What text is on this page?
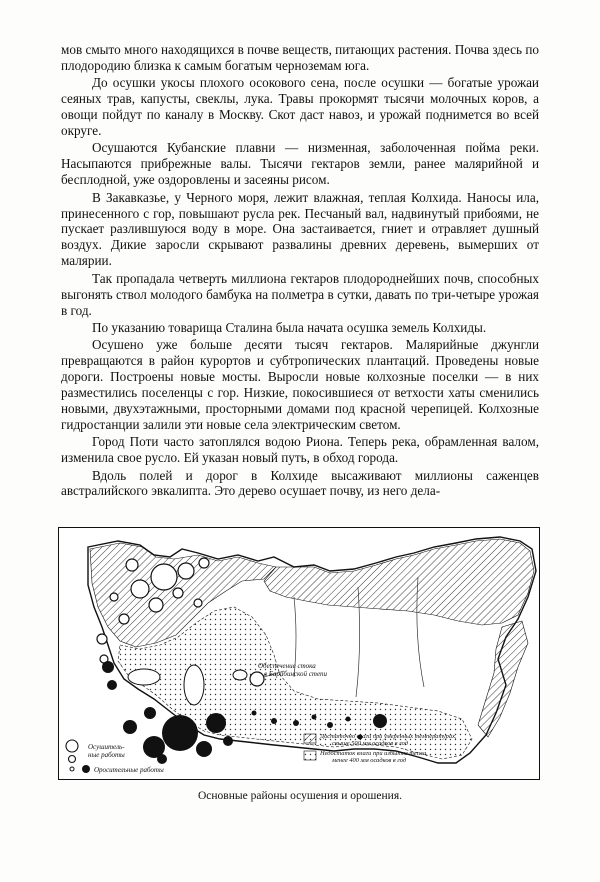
мов смыто много находящихся в почве веществ, питающих растения. Почва здесь по плодородию близка к самым богатым черноземам юга.

До осушки укосы плохого осокового сена, после осушки — богатые урожаи сеяных трав, капусты, свеклы, лука. Травы прокормят тысячи молочных коров, а овощи пойдут по каналу в Москву. Скот даст навоз, и урожай поднимется во всей округе.

Осушаются Кубанские плавни — низменная, заболоченная пойма реки. Насыпаются прибрежные валы. Тысячи гектаров земли, ранее малярийной и бесплодной, уже оздоровлены и засеяны рисом.

В Закавказье, у Черного моря, лежит влажная, теплая Колхида. Наносы ила, принесенного с гор, повышают русла рек. Песчаный вал, надвинутый прибоями, не пускает разлившуюся воду в море. Она застаивается, гниет и отравляет душный воздух. Дикие заросли скрывают развалины древних деревень, вымерших от малярии.

Так пропадала четверть миллиона гектаров плодороднейших почв, способных выгонять ствол молодого бамбука на полметра в сутки, давать по три-четыре урожая в год.

По указанию товарища Сталина была начата осушка земель Колхиды.

Осушено уже больше десяти тысяч гектаров. Малярийные джунгли превращаются в район курортов и субтропических плантаций. Проведены новые дороги. Построены новые мосты. Выросли новые колхозные поселки — в них разместились поселенцы с гор. Низкие, покосившиеся от ветхости хаты сменились новыми, двухэтажными, просторными домами под красной черепицей. Колхозные гидростанции залили эти новые села электрическим светом.

Город Поти часто затоплялся водою Риона. Теперь река, обрамленная валом, изменила свое русло. Ей указан новый путь, в обход города.

Вдоль полей и дорог в Колхиде высаживают миллионы саженцев австралийского эвкалипта. Это дерево осушает почву, из него дела-

Обеспечение стока
в Барабинской степи
Осушитель-
ные работы
Оросительные работы
Достаточно влаги при умеренных температурах,
свыше 500 мм осадков в год
Недостаток влаги при избытке тепла,
менее 400 мм осадков в год
Основные районы осушения и орошения.
